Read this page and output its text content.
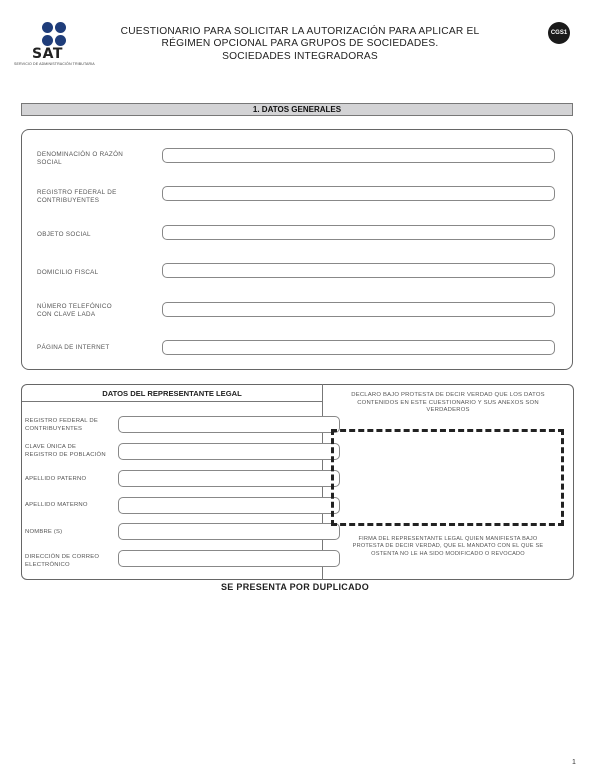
SAT
SERVICIO DE ADMINISTRACIÓN TRIBUTARIA
CUESTIONARIO PARA SOLICITAR LA AUTORIZACIÓN PARA APLICAR EL
RÉGIMEN OPCIONAL PARA GRUPOS DE SOCIEDADES.
SOCIEDADES INTEGRADORAS
CGS1
1. DATOS GENERALES
DENOMINACIÓN O RAZÓN
SOCIAL
REGISTRO FEDERAL DE
CONTRIBUYENTES
OBJETO SOCIAL
DOMICILIO FISCAL
NÚMERO TELEFÓNICO
CON CLAVE LADA
PÁGINA DE INTERNET
DATOS DEL REPRESENTANTE LEGAL
REGISTRO FEDERAL DE
CONTRIBUYENTES
CLAVE ÚNICA DE
REGISTRO DE POBLACIÓN
APELLIDO PATERNO
APELLIDO MATERNO
NOMBRE (S)
DIRECCIÓN DE CORREO
ELECTRÓNICO
DECLARO BAJO PROTESTA DE DECIR VERDAD QUE LOS DATOS
CONTENIDOS EN ESTE CUESTIONARIO Y SUS ANEXOS SON
VERDADEROS
FIRMA DEL REPRESENTANTE LEGAL QUIEN MANIFIESTA BAJO
PROTESTA DE DECIR VERDAD, QUE EL MANDATO CON EL QUE SE
OSTENTA NO LE HA SIDO MODIFICADO O REVOCADO
SE PRESENTA POR DUPLICADO
1
